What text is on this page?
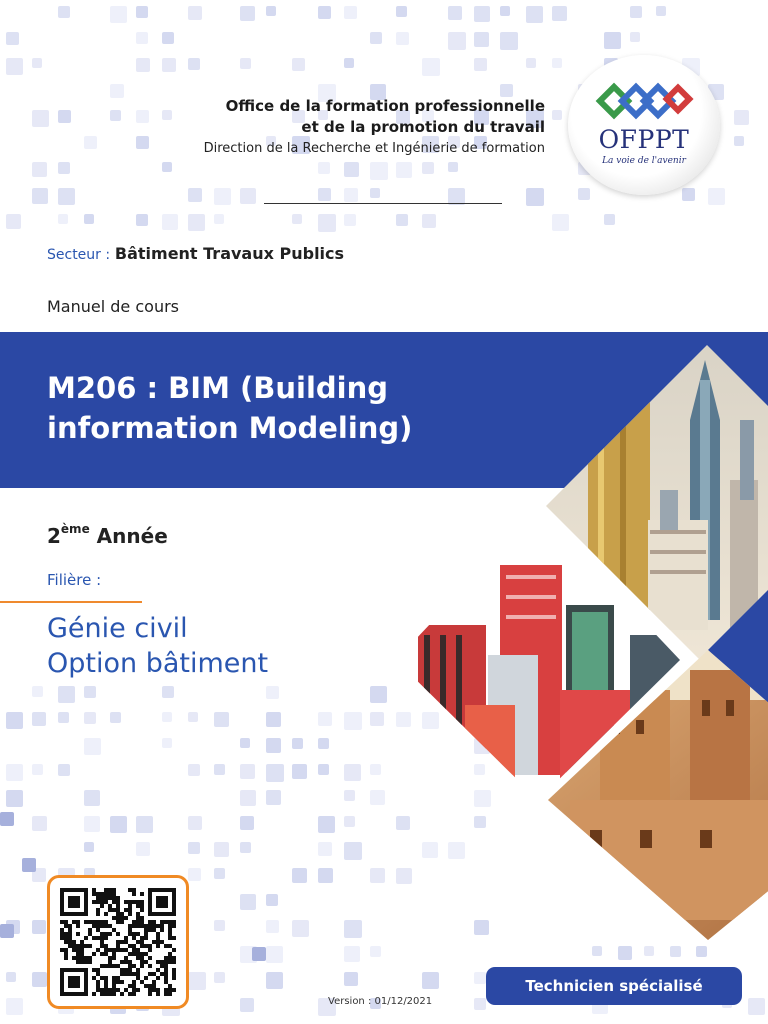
Office de la formation professionnelle
et de la promotion du travail
Direction de la Recherche et Ingénierie de formation	OFPPT
La voie de l'avenir
Secteur : Bâtiment Travaux Publics
Manuel de cours
M206 : BIM (Building
information Modeling)
2ème Année
Filière :
Génie civil
Option bâtiment
Version : 01/12/2021
Technicien spécialisé
